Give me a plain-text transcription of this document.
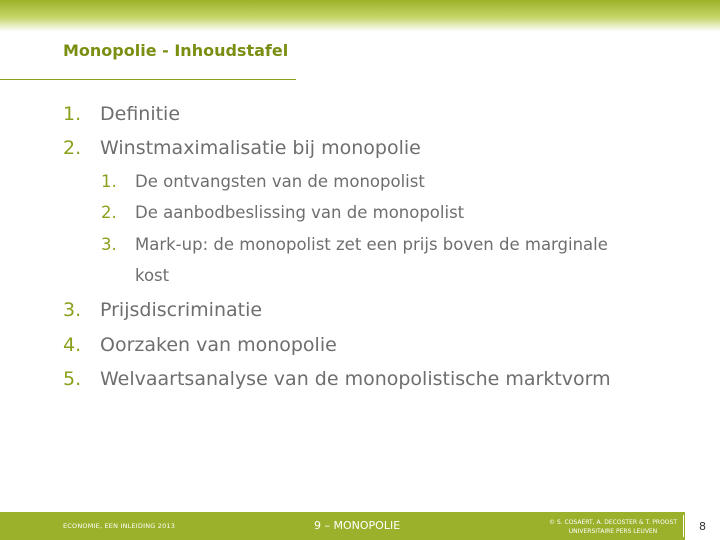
Monopolie - Inhoudstafel
1. Definitie
2. Winstmaximalisatie bij monopolie
1. De ontvangsten van de monopolist
2. De aanbodbeslissing van de monopolist
3. Mark-up: de monopolist zet een prijs boven de marginale
kost
3. Prijsdiscriminatie
4. Oorzaken van monopolie
5. Welvaartsanalyse van de monopolistische marktvorm
ECONOMIE, EEN INLEIDING 2013	9 – MONOPOLIE	© S. COSAERT, A. DECOSTER & T. PROOST
UNIVERSITAIRE PERS LEUVEN	8
